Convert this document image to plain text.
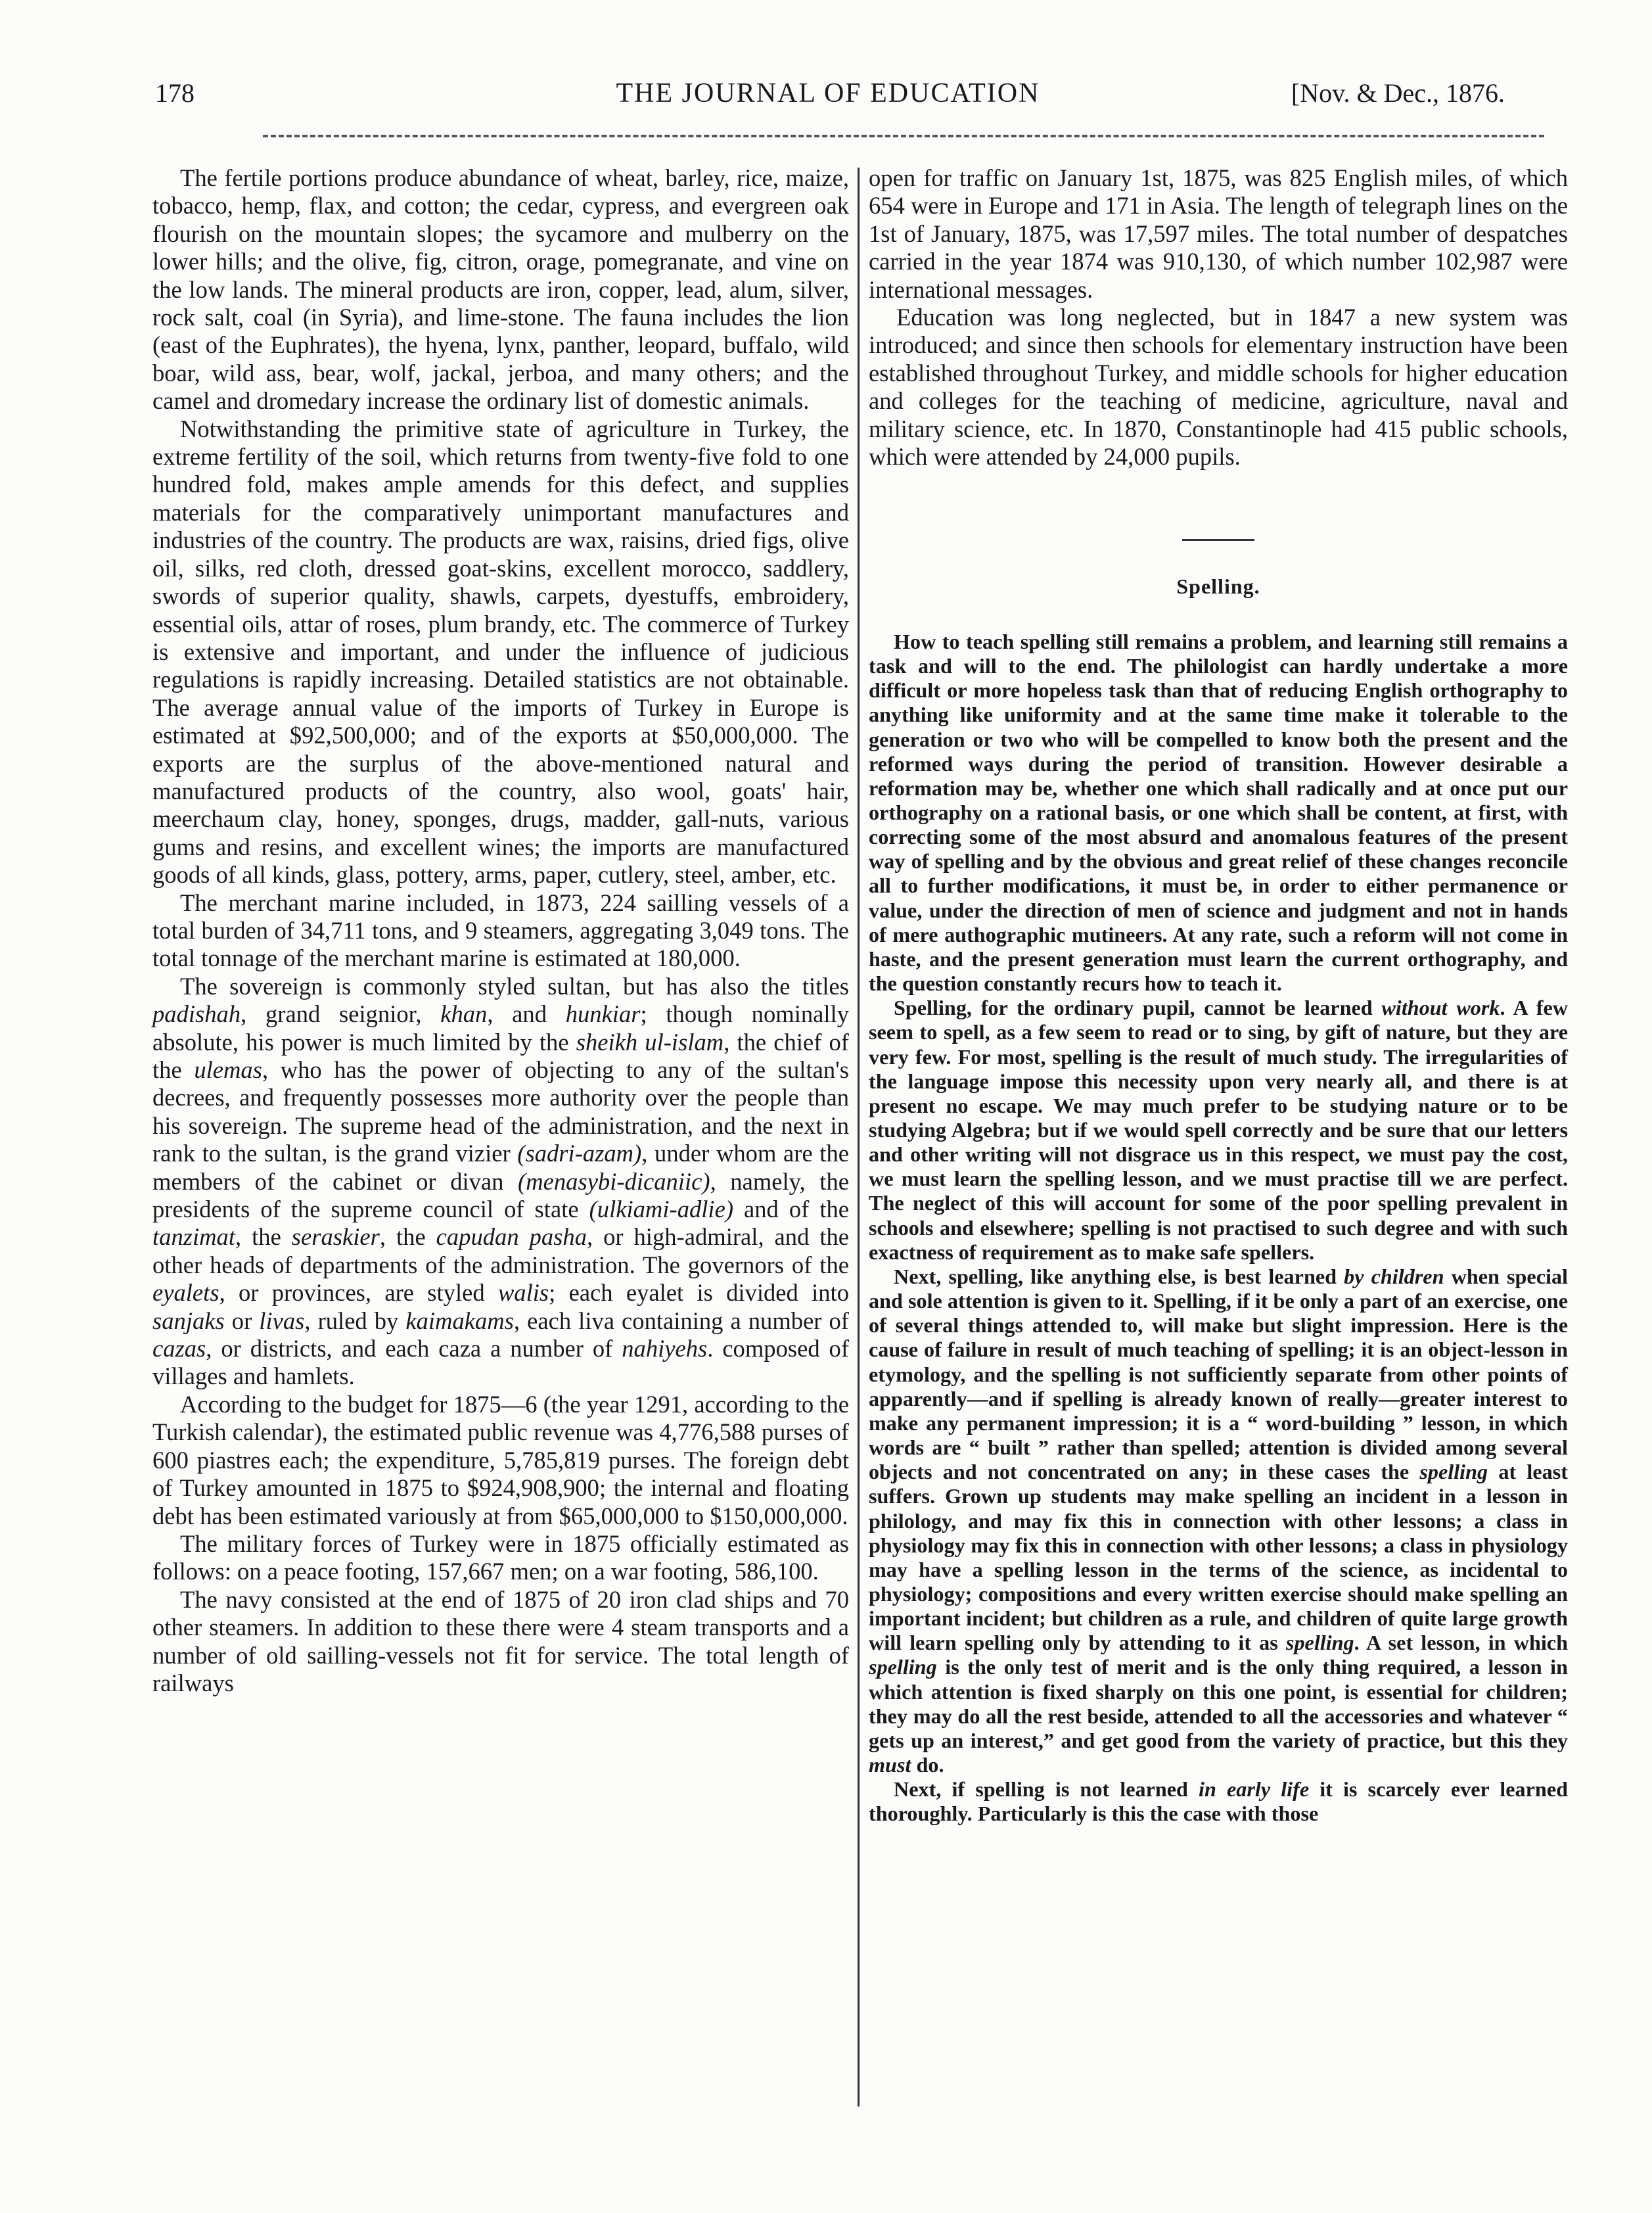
178	THE JOURNAL OF EDUCATION	[Nov. & Dec., 1876.

The fertile portions produce abundance of wheat, barley, rice, maize, tobacco, hemp, flax, and cotton; the cedar, cypress, and evergreen oak flourish on the mountain slopes; the sycamore and mulberry on the lower hills; and the olive, fig, citron, orage, pomegranate, and vine on the low lands. The mineral products are iron, copper, lead, alum, silver, rock salt, coal (in Syria), and lime-stone. The fauna includes the lion (east of the Euphrates), the hyena, lynx, panther, leopard, buffalo, wild boar, wild ass, bear, wolf, jackal, jerboa, and many others; and the camel and dromedary increase the ordinary list of domestic animals.

Notwithstanding the primitive state of agriculture in Turkey, the extreme fertility of the soil, which returns from twenty-five fold to one hundred fold, makes ample amends for this defect, and supplies materials for the comparatively unimportant manufactures and industries of the country. The products are wax, raisins, dried figs, olive oil, silks, red cloth, dressed goat-skins, excellent morocco, saddlery, swords of superior quality, shawls, carpets, dyestuffs, embroidery, essential oils, attar of roses, plum brandy, etc. The commerce of Turkey is extensive and important, and under the influence of judicious regulations is rapidly increasing. Detailed statistics are not obtainable. The average annual value of the imports of Turkey in Europe is estimated at $92,500,000; and of the exports at $50,000,000. The exports are the surplus of the above-mentioned natural and manufactured products of the country, also wool, goats' hair, meerchaum clay, honey, sponges, drugs, madder, gall-nuts, various gums and resins, and excellent wines; the imports are manufactured goods of all kinds, glass, pottery, arms, paper, cutlery, steel, amber, etc.

The merchant marine included, in 1873, 224 sailling vessels of a total burden of 34,711 tons, and 9 steamers, aggregating 3,049 tons. The total tonnage of the merchant marine is estimated at 180,000.

The sovereign is commonly styled sultan, but has also the titles padishah, grand seignior, khan, and hunkiar; though nominally absolute, his power is much limited by the sheikh ul-islam, the chief of the ulemas, who has the power of objecting to any of the sultan's decrees, and frequently possesses more authority over the people than his sovereign. The supreme head of the administration, and the next in rank to the sultan, is the grand vizier (sadri-azam), under whom are the members of the cabinet or divan (menasybi-dicaniic), namely, the presidents of the supreme council of state (ulkiami-adlie) and of the tanzimat, the seraskier, the capudan pasha, or high-admiral, and the other heads of departments of the administration. The governors of the eyalets, or provinces, are styled walis; each eyalet is divided into sanjaks or livas, ruled by kaimakams, each liva containing a number of cazas, or districts, and each caza a number of nahiyehs. composed of villages and hamlets.

According to the budget for 1875—6 (the year 1291, according to the Turkish calendar), the estimated public revenue was 4,776,588 purses of 600 piastres each; the expenditure, 5,785,819 purses. The foreign debt of Turkey amounted in 1875 to $924,908,900; the internal and floating debt has been estimated variously at from $65,000,000 to $150,000,000.

The military forces of Turkey were in 1875 officially estimated as follows: on a peace footing, 157,667 men; on a war footing, 586,100.

The navy consisted at the end of 1875 of 20 iron clad ships and 70 other steamers. In addition to these there were 4 steam transports and a number of old sailling-vessels not fit for service. The total length of railways

open for traffic on January 1st, 1875, was 825 English miles, of which 654 were in Europe and 171 in Asia. The length of telegraph lines on the 1st of January, 1875, was 17,597 miles. The total number of despatches carried in the year 1874 was 910,130, of which number 102,987 were international messages.

Education was long neglected, but in 1847 a new system was introduced; and since then schools for elementary instruction have been established throughout Turkey, and middle schools for higher education and colleges for the teaching of medicine, agriculture, naval and military science, etc. In 1870, Constantinople had 415 public schools, which were attended by 24,000 pupils.

Spelling.

How to teach spelling still remains a problem, and learning still remains a task and will to the end. The philologist can hardly undertake a more difficult or more hopeless task than that of reducing English orthography to anything like uniformity and at the same time make it tolerable to the generation or two who will be compelled to know both the present and the reformed ways during the period of transition. However desirable a reformation may be, whether one which shall radically and at once put our orthography on a rational basis, or one which shall be content, at first, with correcting some of the most absurd and anomalous features of the present way of spelling and by the obvious and great relief of these changes reconcile all to further modifications, it must be, in order to either permanence or value, under the direction of men of science and judgment and not in hands of mere authographic mutineers. At any rate, such a reform will not come in haste, and the present generation must learn the current orthography, and the question constantly recurs how to teach it.

Spelling, for the ordinary pupil, cannot be learned without work. A few seem to spell, as a few seem to read or to sing, by gift of nature, but they are very few. For most, spelling is the result of much study. The irregularities of the language impose this necessity upon very nearly all, and there is at present no escape. We may much prefer to be studying nature or to be studying Algebra; but if we would spell correctly and be sure that our letters and other writing will not disgrace us in this respect, we must pay the cost, we must learn the spelling lesson, and we must practise till we are perfect. The neglect of this will account for some of the poor spelling prevalent in schools and elsewhere; spelling is not practised to such degree and with such exactness of requirement as to make safe spellers.

Next, spelling, like anything else, is best learned by children when special and sole attention is given to it. Spelling, if it be only a part of an exercise, one of several things attended to, will make but slight impression. Here is the cause of failure in result of much teaching of spelling; it is an object-lesson in etymology, and the spelling is not sufficiently separate from other points of apparently—and if spelling is already known of really—greater interest to make any permanent impression; it is a “ word-building ” lesson, in which words are “ built ” rather than spelled; attention is divided among several objects and not concentrated on any; in these cases the spelling at least suffers. Grown up students may make spelling an incident in a lesson in philology, and may fix this in connection with other lessons; a class in physiology may fix this in connection with other lessons; a class in physiology may have a spelling lesson in the terms of the science, as incidental to physiology; compositions and every written exercise should make spelling an important incident; but children as a rule, and children of quite large growth will learn spelling only by attending to it as spelling. A set lesson, in which spelling is the only test of merit and is the only thing required, a lesson in which attention is fixed sharply on this one point, is essential for children; they may do all the rest beside, attended to all the accessories and whatever “ gets up an interest,” and get good from the variety of practice, but this they must do.

Next, if spelling is not learned in early life it is scarcely ever learned thoroughly. Particularly is this the case with those
